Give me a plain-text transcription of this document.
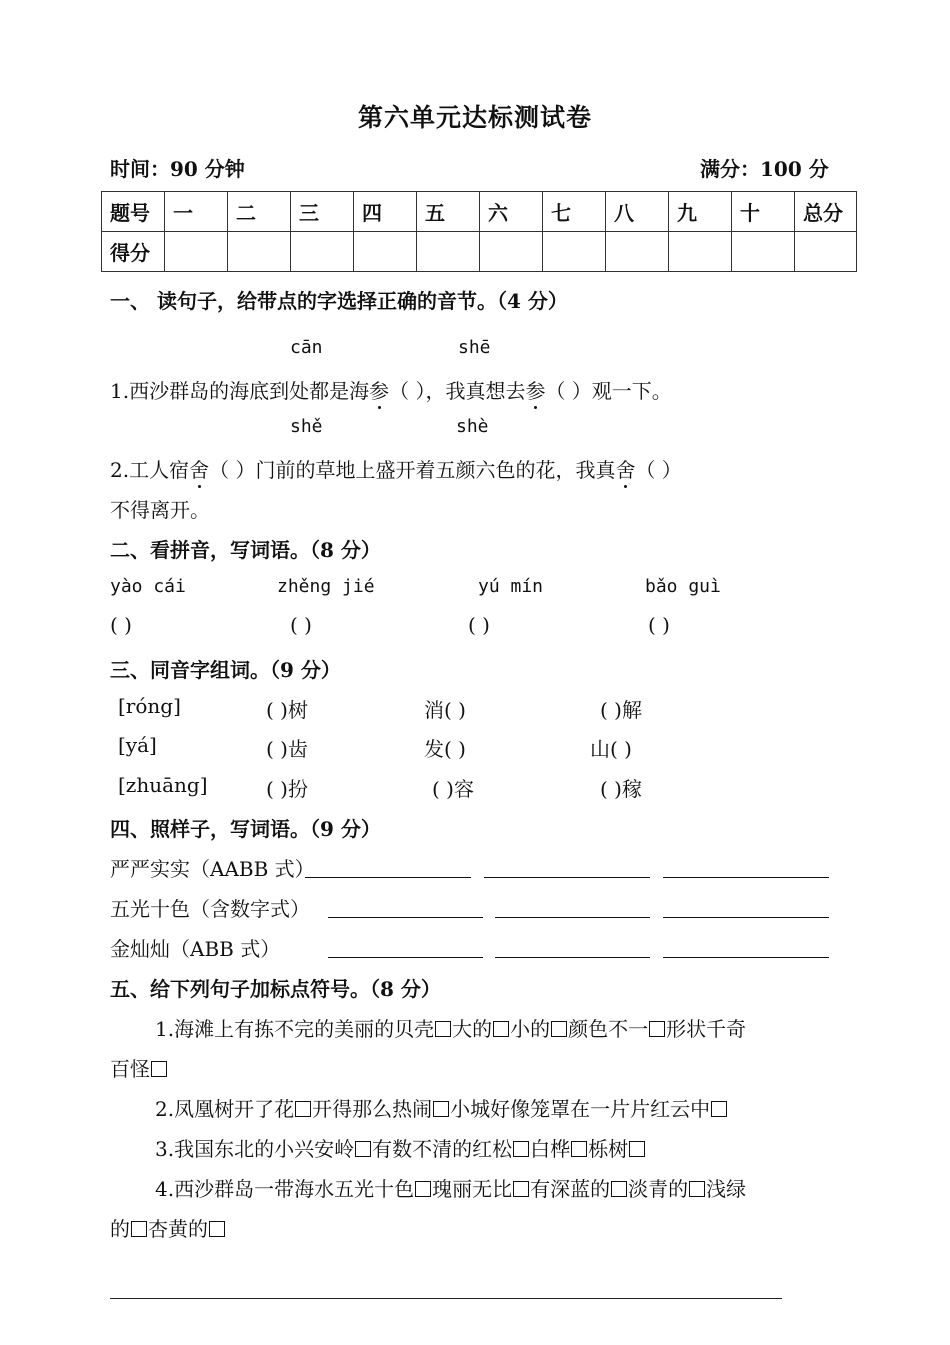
第六单元达标测试卷
时间：90 分钟	满分：100 分
题号	一	二	三	四	五	六	七	八	九	十	总分
得分											
一、 读句子，给带点的字选择正确的音节。（4 分）
cān	shē
1.西沙群岛的海底到处都是海参（ ），我真想去参（ ）观一下。
shě	shè
2.工人宿舍（ ）门前的草地上盛开着五颜六色的花，我真舍（ ）
不得离开。
二、看拼音，写词语。（8 分）
yào cái	zhěng jié	yú mín	bǎo guì
( )	( )	( )	( )
三、同音字组词。（9 分）
[róng]	( )树	消( )	( )解
[yá]	( )齿	发( )	山( )
[zhuāng]	( )扮	( )容	( )稼
四、照样子，写词语。（9 分）
严严实实（AABB 式）
五光十色（含数字式）
金灿灿（ABB 式）
五、给下列句子加标点符号。（8 分）
1.海滩上有拣不完的美丽的贝壳 大的 小的 颜色不一 形状千奇
百怪
2.凤凰树开了花 开得那么热闹 小城好像笼罩在一片片红云中
3.我国东北的小兴安岭 有数不清的红松 白桦 栎树
4.西沙群岛一带海水五光十色 瑰丽无比 有深蓝的 淡青的 浅绿
的 杏黄的
